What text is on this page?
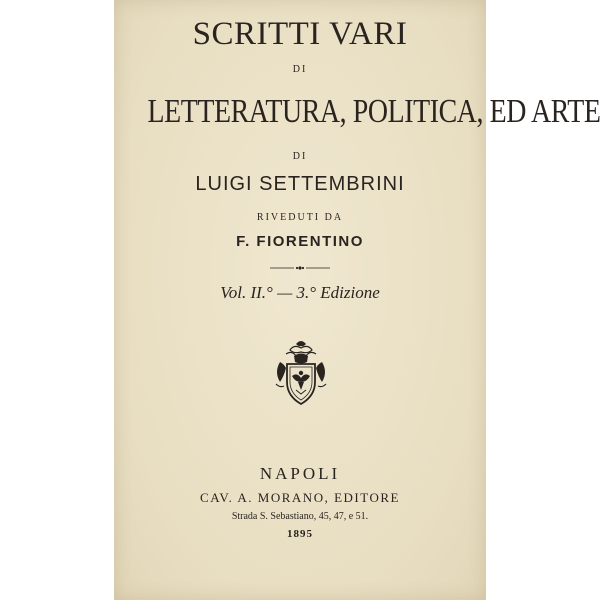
SCRITTI VARI
DI
LETTERATURA, POLITICA, ED ARTE
DI
LUIGI SETTEMBRINI
RIVEDUTI DA
F. FIORENTINO
Vol. II.° — 3.° Edizione
NAPOLI
CAV. A. MORANO, EDITORE
Strada S. Sebastiano, 45, 47, e 51.
1895
